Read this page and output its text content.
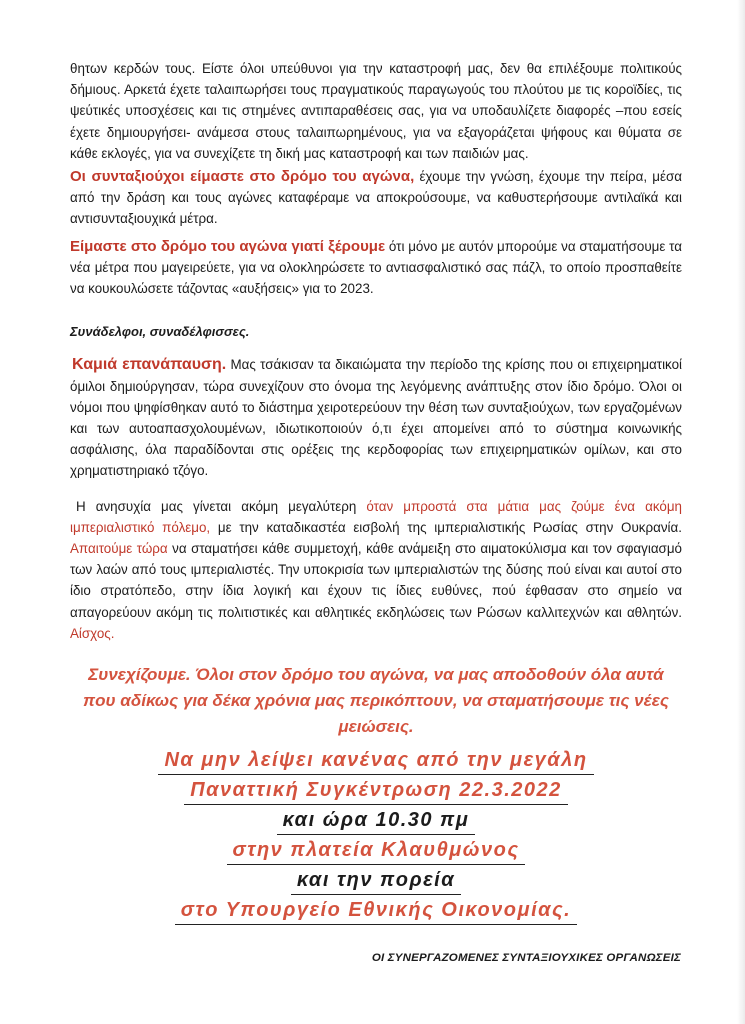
θητων κερδών τους. Είστε όλοι υπεύθυνοι για την καταστροφή μας, δεν θα επιλέξουμε πολιτικούς δήμιους. Αρκετά έχετε ταλαιπωρήσει τους πραγματικούς παραγωγούς του πλούτου με τις κοροϊδίες, τις ψεύτικές υποσχέσεις και τις στημένες αντιπαραθέσεις σας, για να υποδαυλίζετε διαφορές –που εσείς έχετε δημιουργήσει- ανάμεσα στους ταλαιπωρημένους, για να εξαγοράζεται ψήφους και θύματα σε κάθε εκλογές, για να συνεχίζετε τη δική μας καταστροφή και των παιδιών μας.

Οι συνταξιούχοι είμαστε στο δρόμο του αγώνα, έχουμε την γνώση, έχουμε την πείρα, μέσα από την δράση και τους αγώνες καταφέραμε να αποκρούσουμε, να καθυστερήσουμε αντιλαϊκά και αντισυνταξιουχικά μέτρα.

Είμαστε στο δρόμο του αγώνα γιατί ξέρουμε ότι μόνο με αυτόν μπορούμε να σταματήσουμε τα νέα μέτρα που μαγειρεύετε, για να ολοκληρώσετε το αντιασφαλιστικό σας πάζλ, το οποίο προσπαθείτε να κουκουλώσετε τάζοντας «αυξήσεις» για το 2023.

Συνάδελφοι, συναδέλφισσες.

Καμιά επανάπαυση. Μας τσάκισαν τα δικαιώματα την περίοδο της κρίσης που οι επιχειρηματικοί όμιλοι δημιούργησαν, τώρα συνεχίζουν στο όνομα της λεγόμενης ανάπτυξης στον ίδιο δρόμο. Όλοι οι νόμοι που ψηφίσθηκαν αυτό το διάστημα χειροτερεύουν την θέση των συνταξιούχων, των εργαζομένων και των αυτοαπασχολουμένων, ιδιωτικοποιούν ό,τι έχει απομείνει από το σύστημα κοινωνικής ασφάλισης, όλα παραδίδονται στις ορέξεις της κερδοφορίας των επιχειρηματικών ομίλων, και στο χρηματιστηριακό τζόγο.

Η ανησυχία μας γίνεται ακόμη μεγαλύτερη όταν μπροστά στα μάτια μας ζούμε ένα ακόμη ιμπεριαλιστικό πόλεμο, με την καταδικαστέα εισβολή της ιμπεριαλιστικής Ρωσίας στην Ουκρανία. Απαιτούμε τώρα να σταματήσει κάθε συμμετοχή, κάθε ανάμειξη στο αιματοκύλισμα και τον σφαγιασμό των λαών από τους ιμπεριαλιστές. Την υποκρισία των ιμπεριαλιστών της δύσης πού είναι και αυτοί στο ίδιο στρατόπεδο, στην ίδια λογική και έχουν τις ίδιες ευθύνες, πού έφθασαν στο σημείο να απαγορεύουν ακόμη τις πολιτιστικές και αθλητικές εκδηλώσεις των Ρώσων καλλιτεχνών και αθλητών. Αίσχος.

Συνεχίζουμε. Όλοι στον δρόμο του αγώνα, να μας αποδοθούν όλα αυτά που αδίκως για δέκα χρόνια μας περικόπτουν, να σταματήσουμε τις νέες μειώσεις.

Να μην λείψει κανένας από την μεγάλη
Παναττική Συγκέντρωση 22.3.2022
και ώρα 10.30 πμ
στην πλατεία Κλαυθμώνος
και την πορεία
στο Υπουργείο Εθνικής Οικονομίας.
ΟΙ ΣΥΝΕΡΓΑΖΟΜΕΝΕΣ ΣΥΝΤΑΞΙΟΥΧΙΚΕΣ ΟΡΓΑΝΩΣΕΙΣ
